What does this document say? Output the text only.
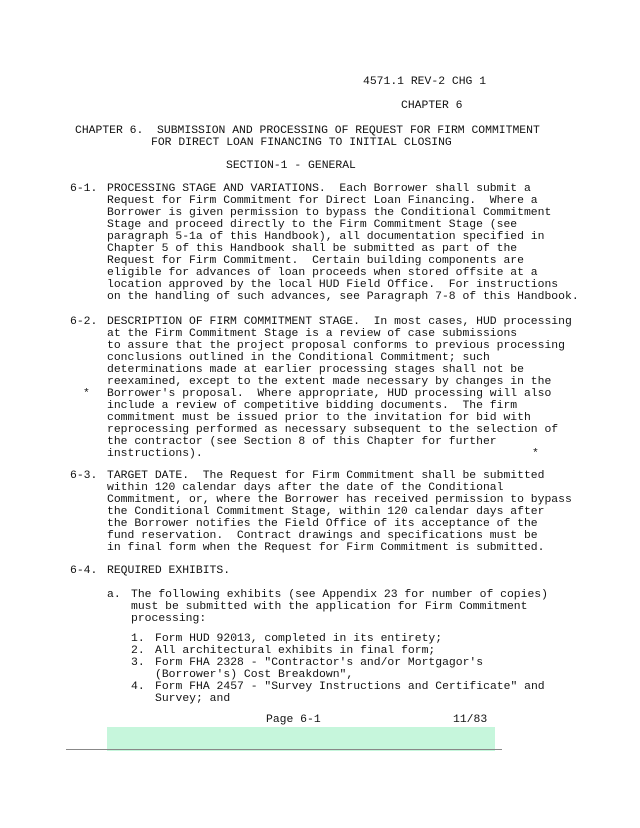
4571.1 REV-2 CHG 1
CHAPTER 6
CHAPTER 6.  SUBMISSION AND PROCESSING OF REQUEST FOR FIRM COMMITMENT
FOR DIRECT LOAN FINANCING TO INITIAL CLOSING
SECTION-1 - GENERAL
6-1. PROCESSING STAGE AND VARIATIONS.  Each Borrower shall submit a
Request for Firm Commitment for Direct Loan Financing.  Where a
Borrower is given permission to bypass the Conditional Commitment
Stage and proceed directly to the Firm Commitment Stage (see
paragraph 5-1a of this Handbook), all documentation specified in
Chapter 5 of this Handbook shall be submitted as part of the
Request for Firm Commitment.  Certain building components are
eligible for advances of loan proceeds when stored offsite at a
location approved by the local HUD Field Office.  For instructions
on the handling of such advances, see Paragraph 7-8 of this Handbook.
6-2. DESCRIPTION OF FIRM COMMITMENT STAGE.  In most cases, HUD processing
at the Firm Commitment Stage is a review of case submissions
to assure that the project proposal conforms to previous processing
conclusions outlined in the Conditional Commitment; such
determinations made at earlier processing stages shall not be
reexamined, except to the extent made necessary by changes in the
* Borrower's proposal.  Where appropriate, HUD processing will also
include a review of competitive bidding documents.  The firm
commitment must be issued prior to the invitation for bid with
reprocessing performed as necessary subsequent to the selection of
the contractor (see Section 8 of this Chapter for further
instructions).	*
6-3. TARGET DATE.  The Request for Firm Commitment shall be submitted
within 120 calendar days after the date of the Conditional
Commitment, or, where the Borrower has received permission to bypass
the Conditional Commitment Stage, within 120 calendar days after
the Borrower notifies the Field Office of its acceptance of the
fund reservation.  Contract drawings and specifications must be
in final form when the Request for Firm Commitment is submitted.
6-4. REQUIRED EXHIBITS.
a. The following exhibits (see Appendix 23 for number of copies)
must be submitted with the application for Firm Commitment
processing:
1. Form HUD 92013, completed in its entirety;
2. All architectural exhibits in final form;
3. Form FHA 2328 - "Contractor's and/or Mortgagor's
(Borrower's) Cost Breakdown",
4. Form FHA 2457 - "Survey Instructions and Certificate" and
Survey; and
Page 6-1	11/83
